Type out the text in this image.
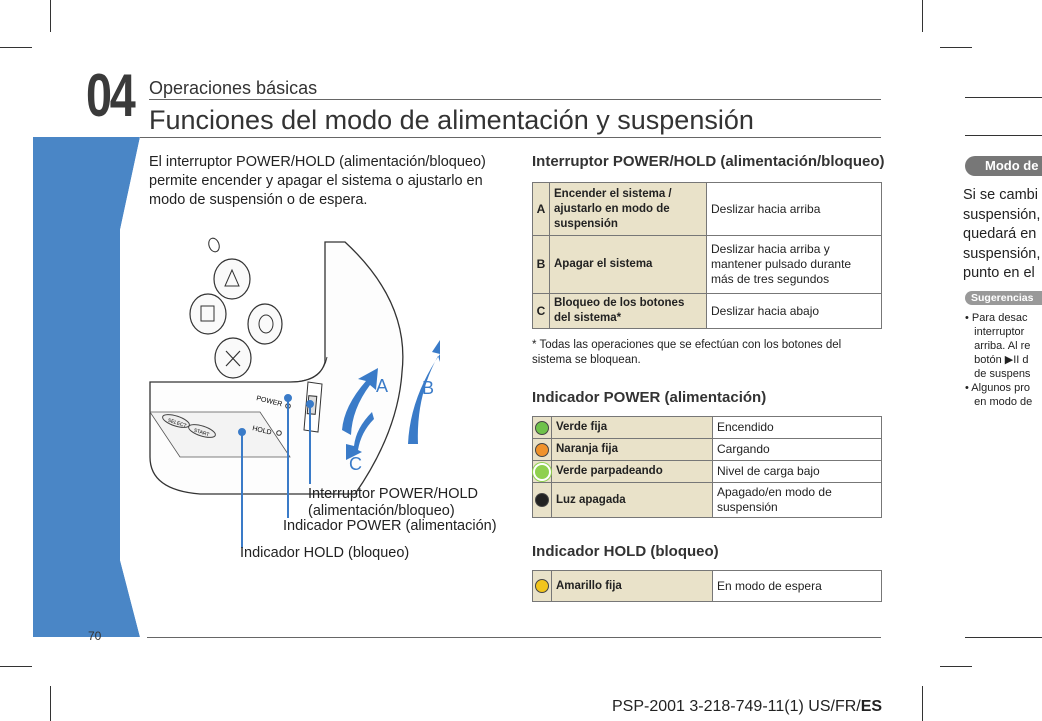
04 Operaciones básicas
Funciones del modo de alimentación y suspensión
El interruptor POWER/HOLD (alimentación/bloqueo) permite encender y apagar el sistema o ajustarlo en modo de suspensión o de espera.
SELECT
START
POWER
HOLD
A B
C
Interruptor POWER/HOLD
(alimentación/bloqueo)
Indicador POWER (alimentación)
Indicador HOLD (bloqueo)
Interruptor POWER/HOLD (alimentación/bloqueo)
A	Encender el sistema / ajustarlo en modo de suspensión	Deslizar hacia arriba
B	Apagar el sistema	Deslizar hacia arriba y mantener pulsado durante más de tres segundos
C	Bloqueo de los botones del sistema*	Deslizar hacia abajo
* Todas las operaciones que se efectúan con los botones del sistema se bloquean.
Indicador POWER (alimentación)
	Verde fija	Encendido
	Naranja fija	Cargando
	Verde parpadeando	Nivel de carga bajo
	Luz apagada	Apagado/en modo de suspensión
Indicador HOLD (bloqueo)
	Amarillo fija	En modo de espera
70
Modo de
Si se cambi
suspensión,
quedará en
suspensión,
punto en el
Sugerencias
• Para desac
interruptor
arriba. Al re
botón ▶II d
de suspens
• Algunos pro
en modo de
PSP-2001 3-218-749-11(1) US/FR/ES
